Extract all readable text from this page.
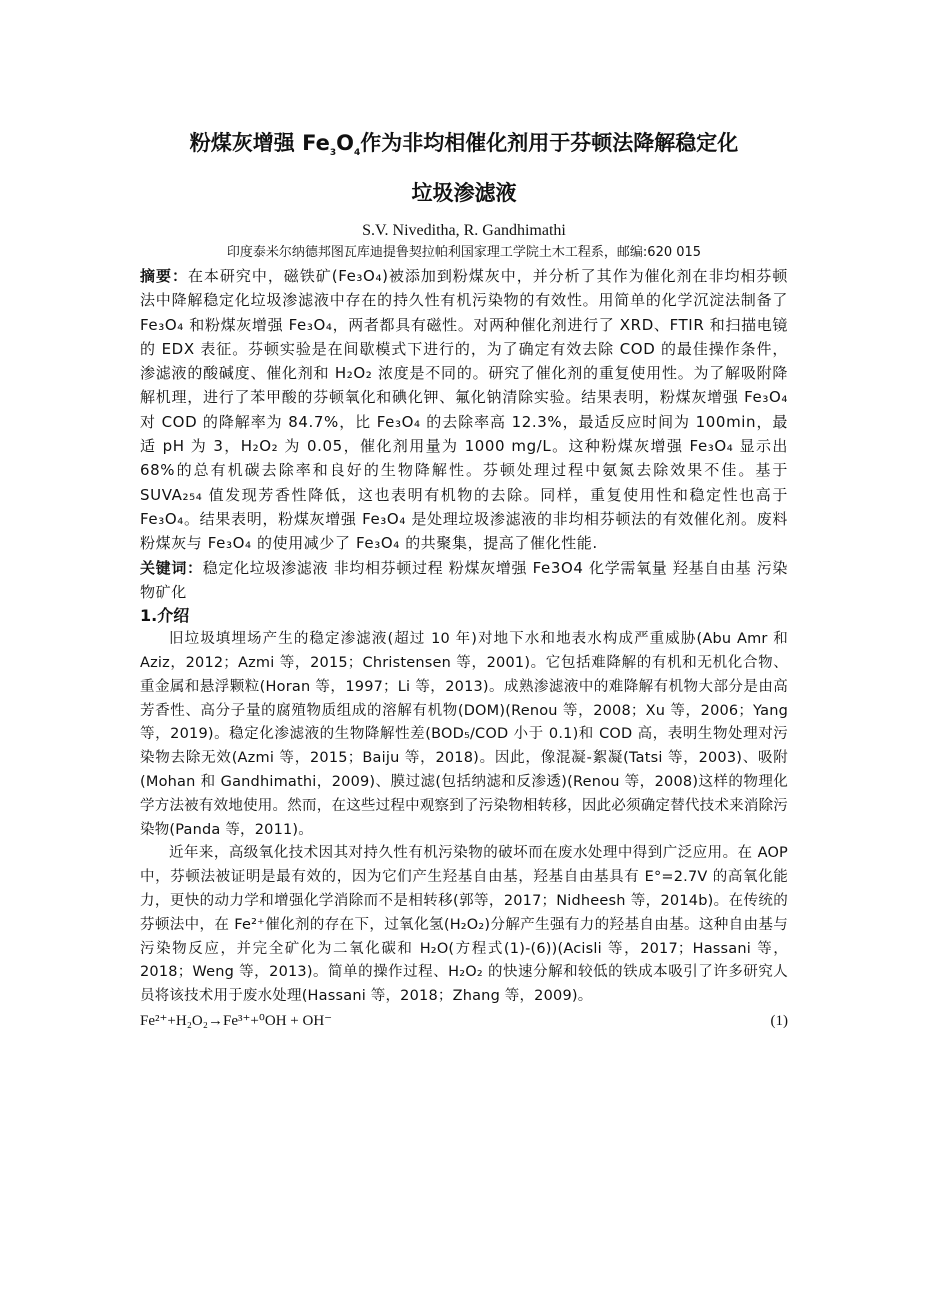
粉煤灰增强 $Fe_3O_4$作为非均相催化剂用于芬顿法降解稳定化
垃圾渗滤液
S.V. Niveditha, R. Gandhimathi
印度泰米尔纳德邦图瓦库迪提鲁契拉帕利国家理工学院土木工程系，邮编:620 015

摘要：在本研究中，磁铁矿(Fe₃O₄)被添加到粉煤灰中，并分析了其作为催化剂在非均相芬顿法中降解稳定化垃圾渗滤液中存在的持久性有机污染物的有效性。用简单的化学沉淀法制备了 Fe₃O₄ 和粉煤灰增强 Fe₃O₄，两者都具有磁性。对两种催化剂进行了 XRD、FTIR 和扫描电镜的 EDX 表征。芬顿实验是在间歇模式下进行的，为了确定有效去除 COD 的最佳操作条件，渗滤液的酸碱度、催化剂和 H₂O₂ 浓度是不同的。研究了催化剂的重复使用性。为了解吸附降解机理，进行了苯甲酸的芬顿氧化和碘化钾、氟化钠清除实验。结果表明，粉煤灰增强 Fe₃O₄ 对 COD 的降解率为 84.7%，比 Fe₃O₄ 的去除率高 12.3%，最适反应时间为 100min，最适 pH 为 3，H₂O₂ 为 0.05，催化剂用量为 1000 mg/L。这种粉煤灰增强 Fe₃O₄ 显示出 68%的总有机碳去除率和良好的生物降解性。芬顿处理过程中氨氮去除效果不佳。基于 SUVA₂₅₄ 值发现芳香性降低，这也表明有机物的去除。同样，重复使用性和稳定性也高于 Fe₃O₄。结果表明，粉煤灰增强 Fe₃O₄ 是处理垃圾渗滤液的非均相芬顿法的有效催化剂。废料粉煤灰与 Fe₃O₄ 的使用减少了 Fe₃O₄ 的共聚集，提高了催化性能.

关键词：稳定化垃圾渗滤液 非均相芬顿过程 粉煤灰增强 Fe3O4 化学需氧量 羟基自由基 污染物矿化

1.介绍

旧垃圾填埋场产生的稳定渗滤液(超过 10 年)对地下水和地表水构成严重威胁(Abu Amr 和 Aziz，2012；Azmi 等，2015；Christensen 等，2001)。它包括难降解的有机和无机化合物、重金属和悬浮颗粒(Horan 等，1997；Li 等，2013)。成熟渗滤液中的难降解有机物大部分是由高芳香性、高分子量的腐殖物质组成的溶解有机物(DOM)(Renou 等，2008；Xu 等，2006；Yang 等，2019)。稳定化渗滤液的生物降解性差(BOD₅/COD 小于 0.1)和 COD 高，表明生物处理对污染物去除无效(Azmi 等，2015；Baiju 等，2018)。因此，像混凝-絮凝(Tatsi 等，2003)、吸附(Mohan 和 Gandhimathi，2009)、膜过滤(包括纳滤和反渗透)(Renou 等，2008)这样的物理化学方法被有效地使用。然而，在这些过程中观察到了污染物相转移，因此必须确定替代技术来消除污染物(Panda 等，2011)。

近年来，高级氧化技术因其对持久性有机污染物的破坏而在废水处理中得到广泛应用。在 AOP 中，芬顿法被证明是最有效的，因为它们产生羟基自由基，羟基自由基具有 E°=2.7V 的高氧化能力，更快的动力学和增强化学消除而不是相转移(郭等，2017；Nidheesh 等，2014b)。在传统的芬顿法中，在 Fe²⁺催化剂的存在下，过氧化氢(H₂O₂)分解产生强有力的羟基自由基。这种自由基与污染物反应，并完全矿化为二氧化碳和 H₂O(方程式(1)-(6))(Acisli 等，2017；Hassani 等，2018；Weng 等，2013)。简单的操作过程、H₂O₂ 的快速分解和较低的铁成本吸引了许多研究人员将该技术用于废水处理(Hassani 等，2018；Zhang 等，2009)。

Fe²⁺+H₂O₂→Fe³⁺+⁰OH + OH⁻	(1)
